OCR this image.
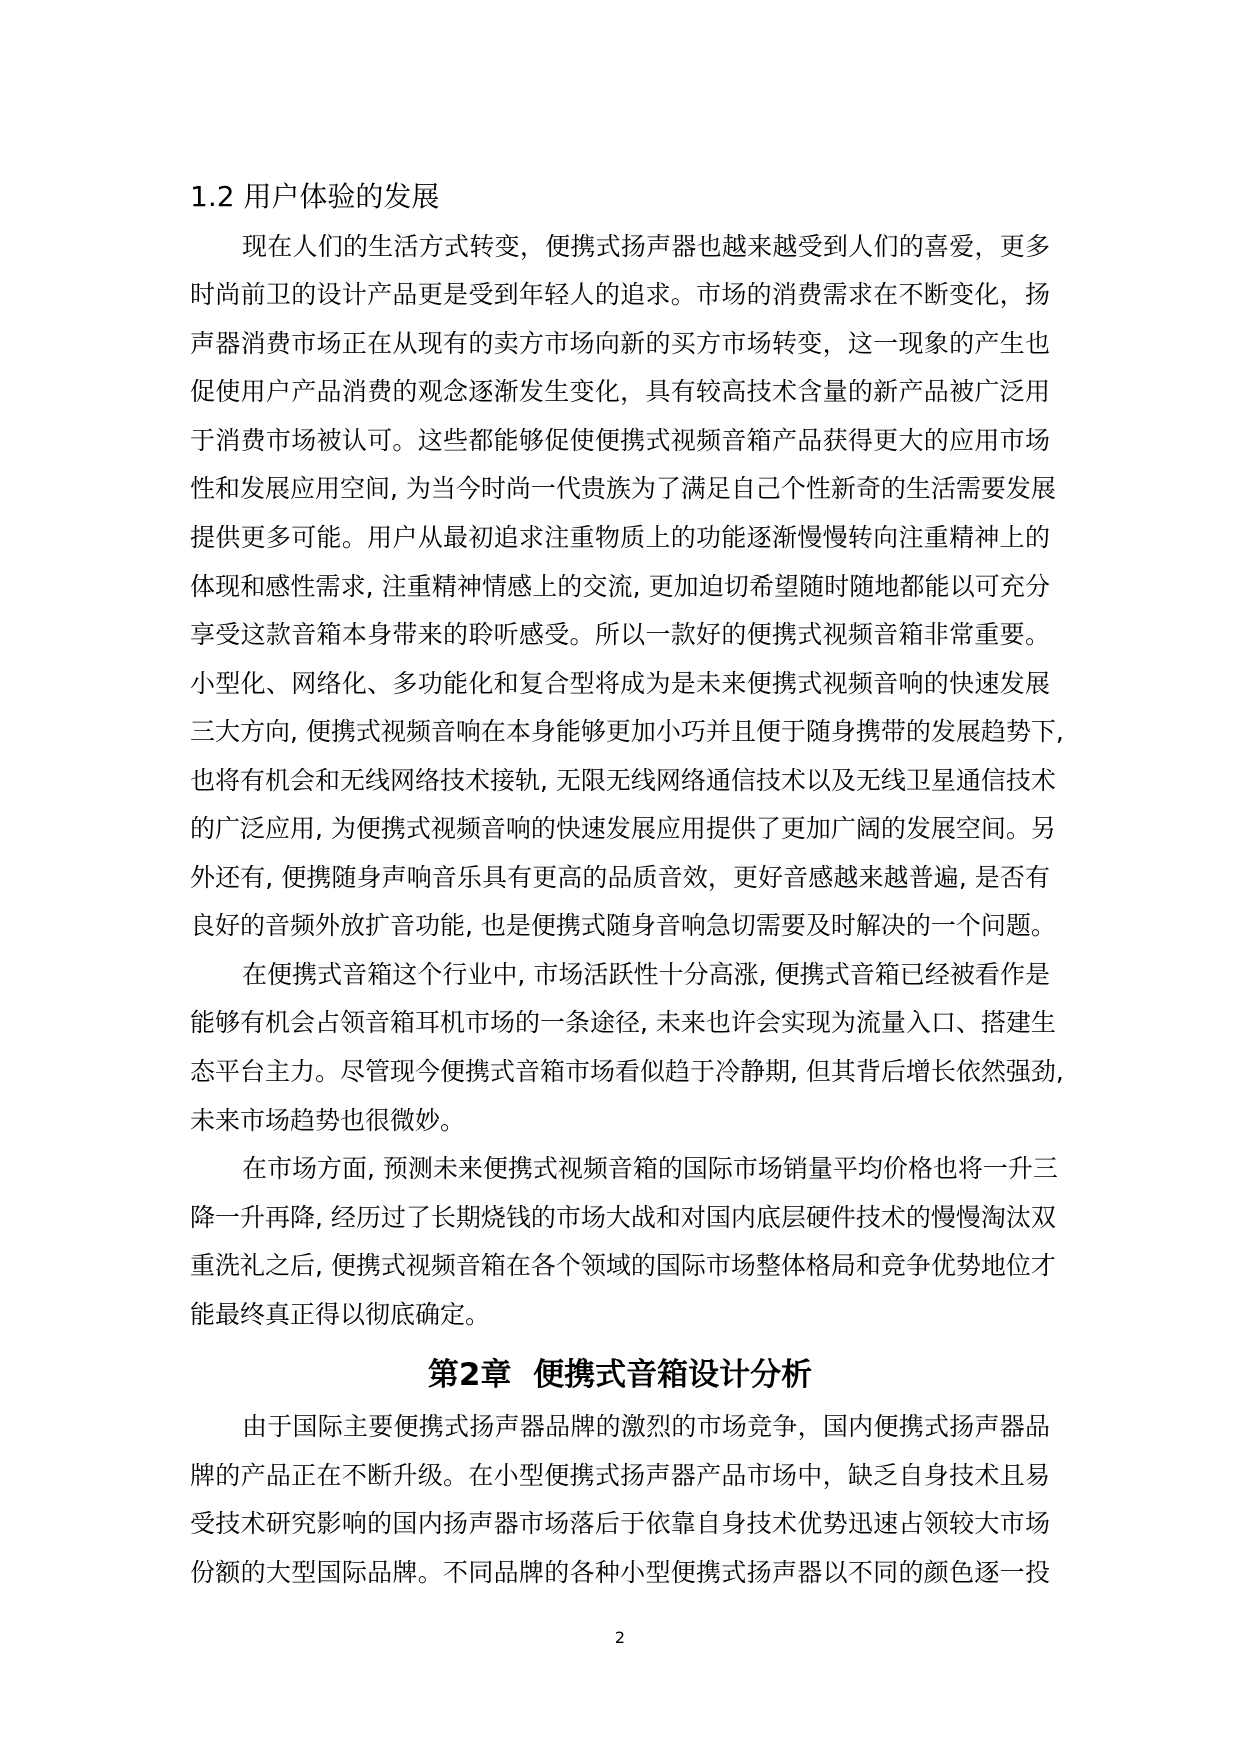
1.2 用户体验的发展
现在人们的生活方式转变，便携式扬声器也越来越受到人们的喜爱，更多
时尚前卫的设计产品更是受到年轻人的追求。市场的消费需求在不断变化，扬
声器消费市场正在从现有的卖方市场向新的买方市场转变，这一现象的产生也
促使用户产品消费的观念逐渐发生变化，具有较高技术含量的新产品被广泛用
于消费市场被认可。这些都能够促使便携式视频音箱产品获得更大的应用市场
性和发展应用空间, 为当今时尚一代贵族为了满足自己个性新奇的生活需要发展
提供更多可能。用户从最初追求注重物质上的功能逐渐慢慢转向注重精神上的
体现和感性需求, 注重精神情感上的交流, 更加迫切希望随时随地都能以可充分
享受这款音箱本身带来的聆听感受。所以一款好的便携式视频音箱非常重要。
小型化、网络化、多功能化和复合型将成为是未来便携式视频音响的快速发展
三大方向, 便携式视频音响在本身能够更加小巧并且便于随身携带的发展趋势下,
也将有机会和无线网络技术接轨, 无限无线网络通信技术以及无线卫星通信技术
的广泛应用, 为便携式视频音响的快速发展应用提供了更加广阔的发展空间。另
外还有, 便携随身声响音乐具有更高的品质音效，更好音感越来越普遍, 是否有
良好的音频外放扩音功能, 也是便携式随身音响急切需要及时解决的一个问题。
在便携式音箱这个行业中, 市场活跃性十分高涨, 便携式音箱已经被看作是
能够有机会占领音箱耳机市场的一条途径, 未来也许会实现为流量入口、搭建生
态平台主力。尽管现今便携式音箱市场看似趋于冷静期, 但其背后增长依然强劲,
未来市场趋势也很微妙。
在市场方面, 预测未来便携式视频音箱的国际市场销量平均价格也将一升三
降一升再降, 经历过了长期烧钱的市场大战和对国内底层硬件技术的慢慢淘汰双
重洗礼之后, 便携式视频音箱在各个领域的国际市场整体格局和竞争优势地位才
能最终真正得以彻底确定。
第2章  便携式音箱设计分析
由于国际主要便携式扬声器品牌的激烈的市场竞争，国内便携式扬声器品
牌的产品正在不断升级。在小型便携式扬声器产品市场中，缺乏自身技术且易
受技术研究影响的国内扬声器市场落后于依靠自身技术优势迅速占领较大市场
份额的大型国际品牌。不同品牌的各种小型便携式扬声器以不同的颜色逐一投
2
